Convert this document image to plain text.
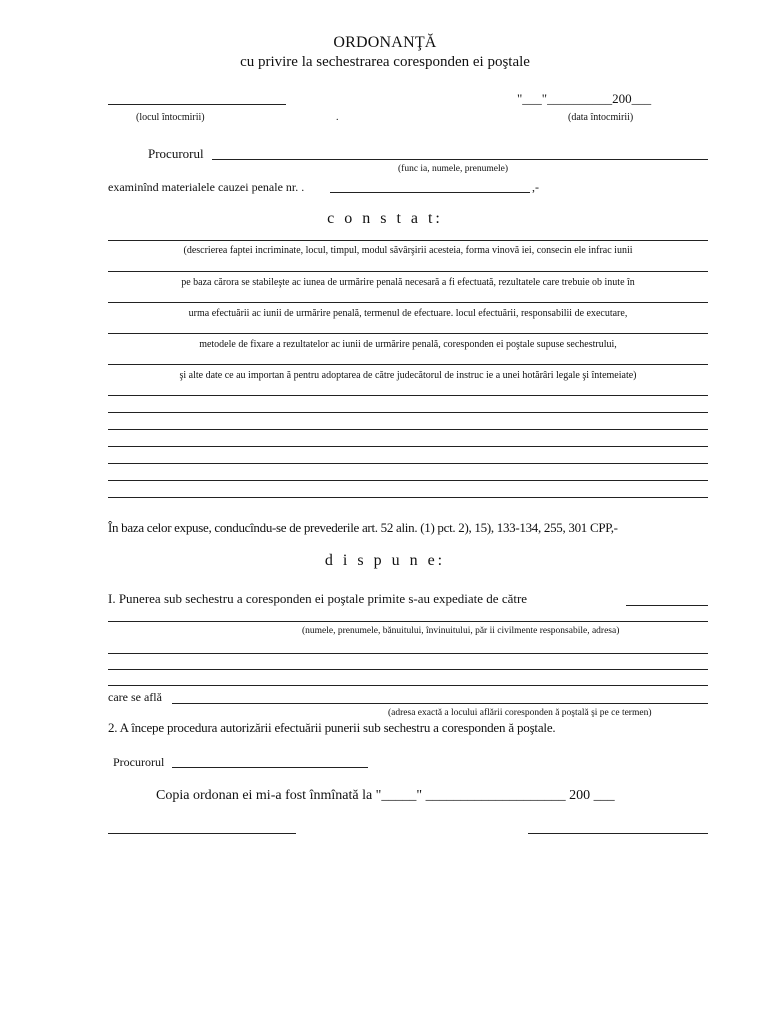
ORDONANŢĂ
cu privire la sechestrarea coresponden ei poştale
"___"__________200___
(locul întocmirii)	.	(data întocmirii)
Procurorul
(func ia, numele, prenumele)
examinînd materialele cauzei penale nr. .	,-
c o n s t a t:
(descrierea faptei incriminate, locul, timpul, modul săvârşirii acesteia, forma vinovă iei, consecin ele infrac iunii
pe baza cărora se stabileşte ac iunea de urmărire penală necesară a fi efectuată, rezultatele care trebuie ob inute în
urma efectuării ac iunii de urmărire penală, termenul de efectuare. locul efectuării, responsabilii de executare,
metodele de fixare a rezultatelor ac iunii de urmărire penală, coresponden ei poştale supuse sechestrului,
şi alte date ce au importan ă pentru adoptarea de către judecătorul de instruc ie a unei hotărâri legale şi întemeiate)
În baza celor expuse, conducîndu-se de prevederile art. 52 alin. (1) pct. 2), 15), 133-134, 255, 301 CPP,-
d i s p u n e:
I. Punerea sub sechestru a coresponden ei poştale primite s-au expediate de către
(numele, prenumele, bănuitului, învinuitului, păr ii civilmente responsabile, adresa)
care se află
(adresa exactă a locului aflării coresponden ă poştală şi pe ce termen)
2. A începe procedura autorizării efectuării punerii sub sechestru a coresponden ă poştale.
Procurorul
Copia ordonan ei mi-a fost înmînată la "_____" ____________________ 200 ___
